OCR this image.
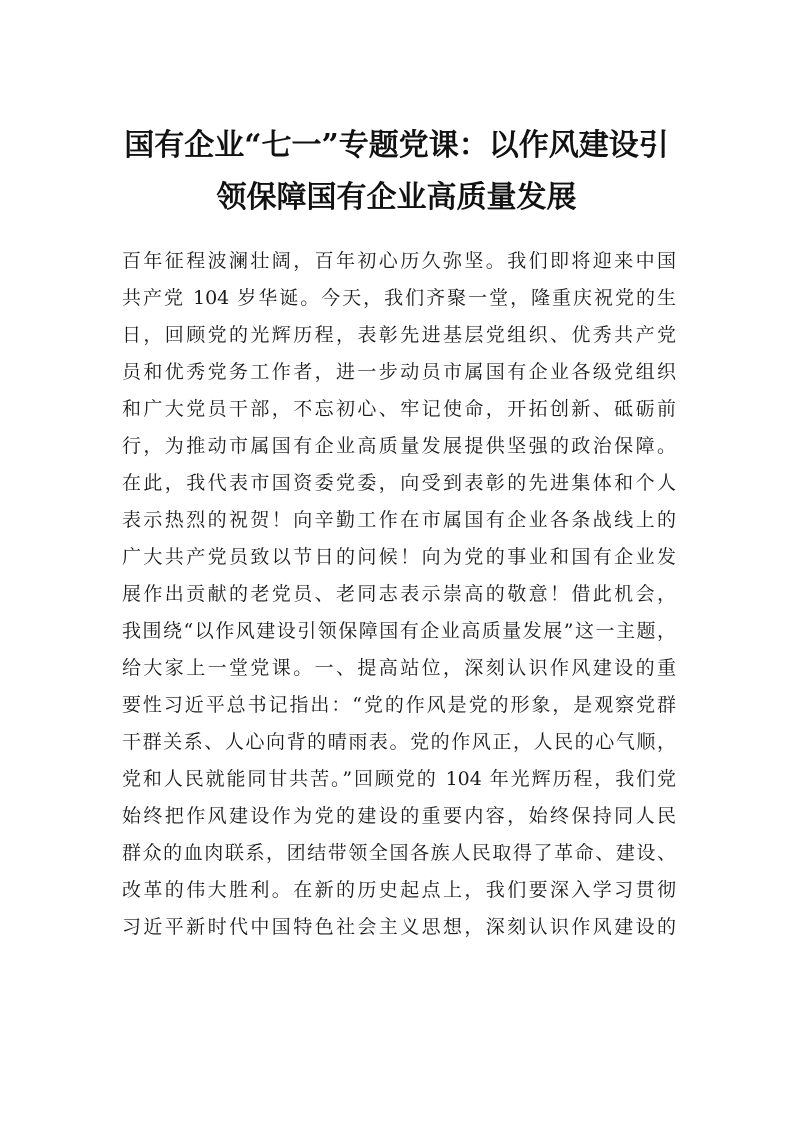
国有企业“七一”专题党课：以作风建设引
领保障国有企业高质量发展
百年征程波澜壮阔，百年初心历久弥坚。我们即将迎来中国
共产党 104 岁华诞。今天，我们齐聚一堂，隆重庆祝党的生
日，回顾党的光辉历程，表彰先进基层党组织、优秀共产党
员和优秀党务工作者，进一步动员市属国有企业各级党组织
和广大党员干部，不忘初心、牢记使命，开拓创新、砥砺前
行，为推动市属国有企业高质量发展提供坚强的政治保障。
在此，我代表市国资委党委，向受到表彰的先进集体和个人
表示热烈的祝贺！向辛勤工作在市属国有企业各条战线上的
广大共产党员致以节日的问候！向为党的事业和国有企业发
展作出贡献的老党员、老同志表示崇高的敬意！借此机会，
我围绕“以作风建设引领保障国有企业高质量发展”这一主题，
给大家上一堂党课。一、提高站位，深刻认识作风建设的重
要性习近平总书记指出：“党的作风是党的形象，是观察党群
干群关系、人心向背的晴雨表。党的作风正，人民的心气顺，
党和人民就能同甘共苦。”回顾党的 104 年光辉历程，我们党
始终把作风建设作为党的建设的重要内容，始终保持同人民
群众的血肉联系，团结带领全国各族人民取得了革命、建设、
改革的伟大胜利。在新的历史起点上，我们要深入学习贯彻
习近平新时代中国特色社会主义思想，深刻认识作风建设的
